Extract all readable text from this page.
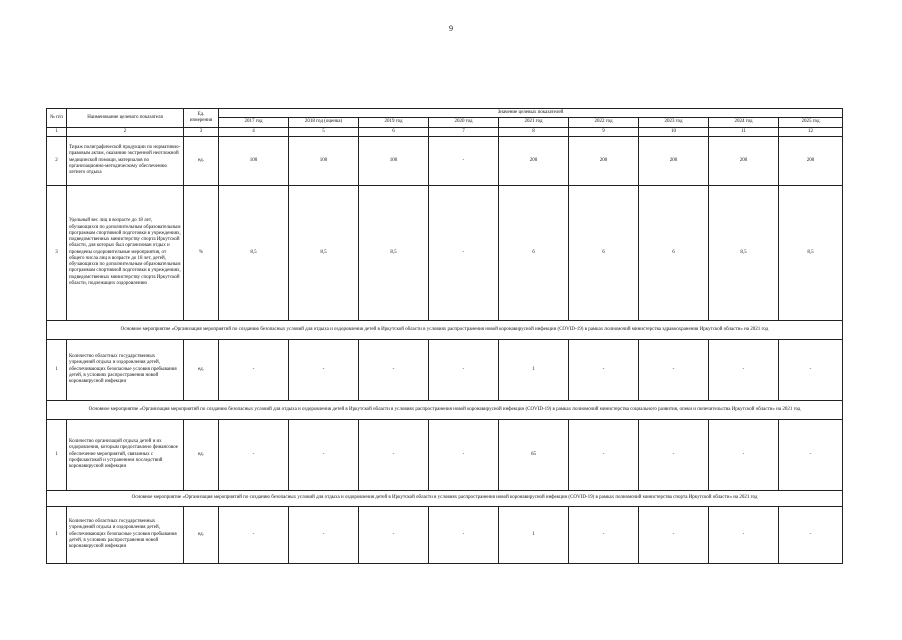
9
№ п/п	Наименование целевого показателя	Ед. измерения	Значение целевых показателей								
			2017 год	2018 год (оценка)	2019 год	2020 год	2021 год	2022 год	2023 год	2024 год	2025 год
1	2	3	4	5	6	7	8	9	10	11	12
2	Тираж полиграфической продукции по нормативно-правовым актам, оказанию экстренной неотложной медицинской помощи, материалов по организационно-методическому обеспечению летнего отдыха	ед.	100	100	100	-	200	200	200	200	200
3	Удельный вес лиц в возрасте до 18 лет, обучающихся по дополнительным образовательным программам спортивной подготовки в учреждениях, подведомственных министерству спорта Иркутской области, для которых был организован отдых и проведены оздоровительные мероприятия, от общего числа лиц в возрасте до 18 лет, детей, обучающихся по дополнительным образовательным программам спортивной подготовки в учреждениях, подведомственных министерству спорта Иркутской области, подлежащих оздоровлению	%	8,5	8,5	8,5	-	6	6	6	8,5	8,5
Основное мероприятие «Организация мероприятий по созданию безопасных условий для отдыха и оздоровления детей в Иркутской области в условиях распространения новой коронавирусной инфекции (COVID-19) в рамках полномочий министерства здравоохранения Иркутской области» на 2021 год											
1	Количество областных государственных учреждений отдыха и оздоровления детей, обеспечивающих безопасные условия пребывания детей, в условиях распространения новой коронавирусной инфекции	ед.	-	-	-	-	1	-	-	-	-
Основное мероприятие «Организация мероприятий по созданию безопасных условий для отдыха и оздоровления детей в Иркутской области в условиях распространения новой коронавирусной инфекции (COVID-19) в рамках полномочий министерства социального развития, опеки и попечительства Иркутской области» на 2021 год											
1	Количество организаций отдыха детей и их оздоровления, которым предоставлено финансовое обеспечение мероприятий, связанных с профилактикой и устранением последствий коронавирусной инфекции	ед.	-	-	-	-	65	-	-	-	-
Основное мероприятие «Организация мероприятий по созданию безопасных условий для отдыха и оздоровления детей в Иркутской области в условиях распространения новой коронавирусной инфекции (COVID-19) в рамках полномочий министерства спорта Иркутской области» на 2021 год											
1	Количество областных государственных учреждений отдыха и оздоровления детей, обеспечивающих безопасные условия пребывания детей, в условиях распространения новой коронавирусной инфекции	ед.	-	-	-	-	1	-	-	-	-
